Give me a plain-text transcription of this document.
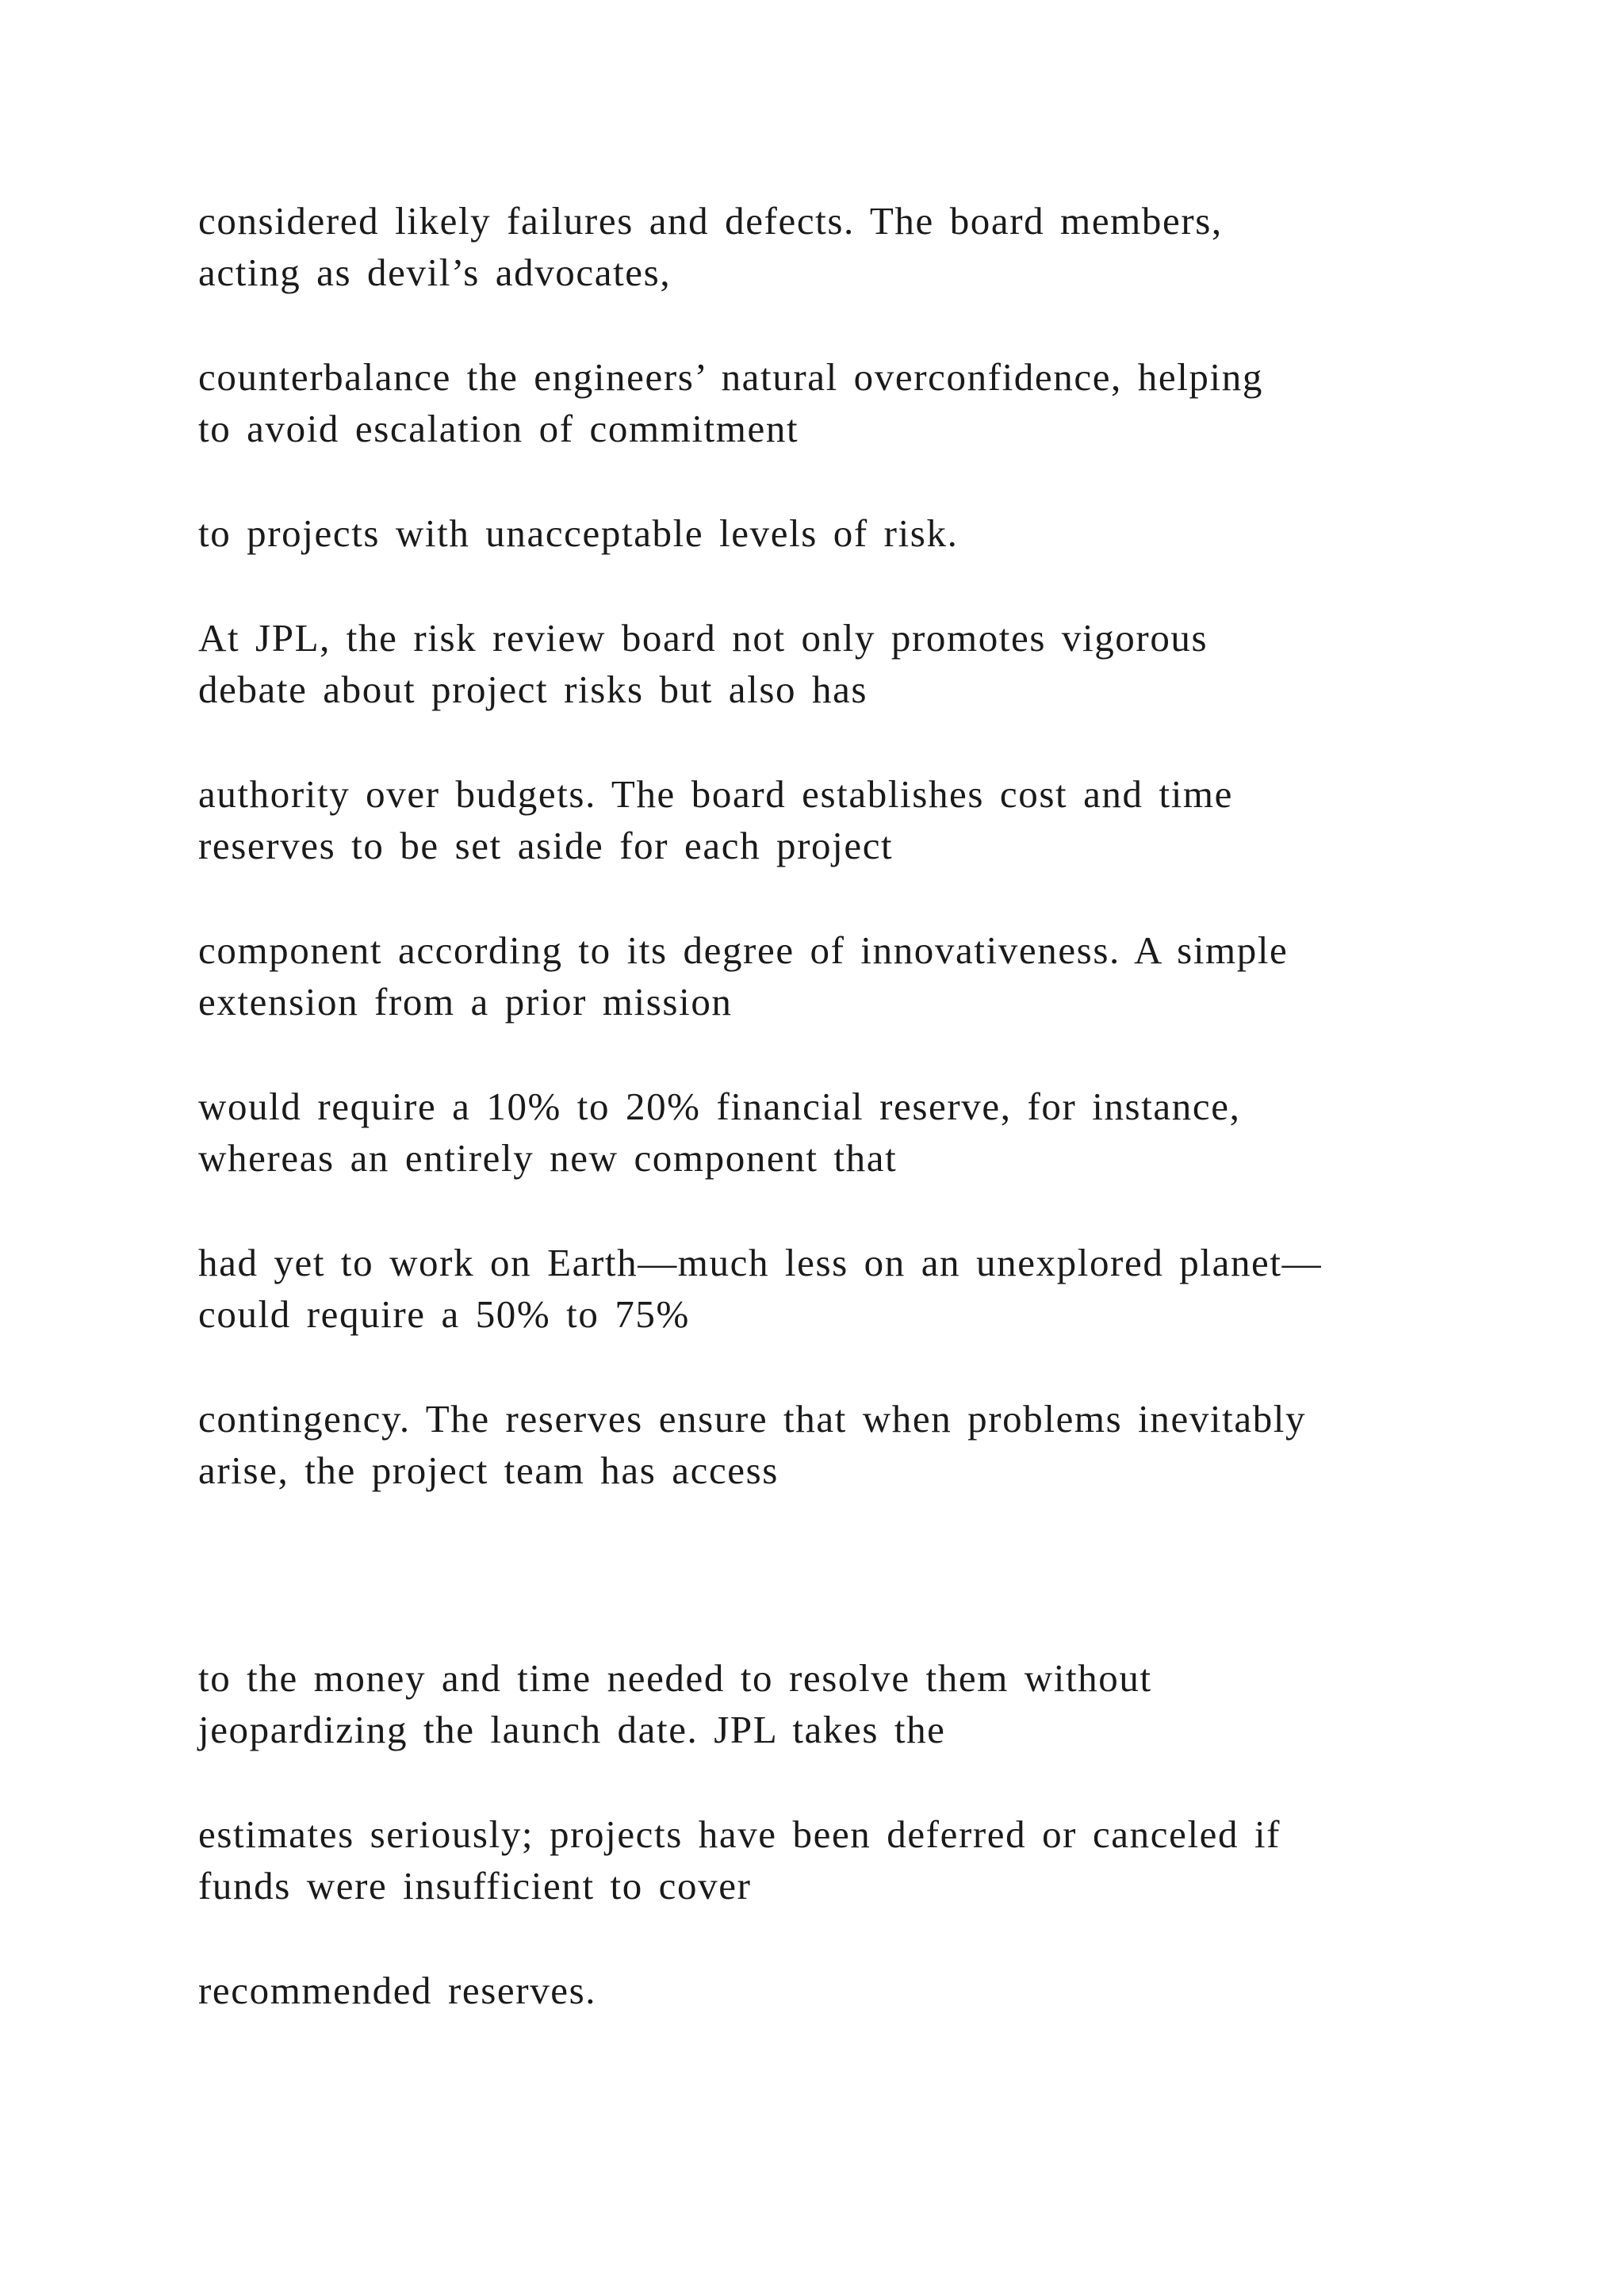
considered likely failures and defects. The board members,
acting as devil’s advocates,

counterbalance the engineers’ natural overconfidence, helping
to avoid escalation of commitment

to projects with unacceptable levels of risk.

At JPL, the risk review board not only promotes vigorous
debate about project risks but also has

authority over budgets. The board establishes cost and time
reserves to be set aside for each project

component according to its degree of innovativeness. A simple
extension from a prior mission

would require a 10% to 20% financial reserve, for instance,
whereas an entirely new component that

had yet to work on Earth—much less on an unexplored planet—
could require a 50% to 75%

contingency. The reserves ensure that when problems inevitably
arise, the project team has access

to the money and time needed to resolve them without
jeopardizing the launch date. JPL takes the

estimates seriously; projects have been deferred or canceled if
funds were insufficient to cover

recommended reserves.
